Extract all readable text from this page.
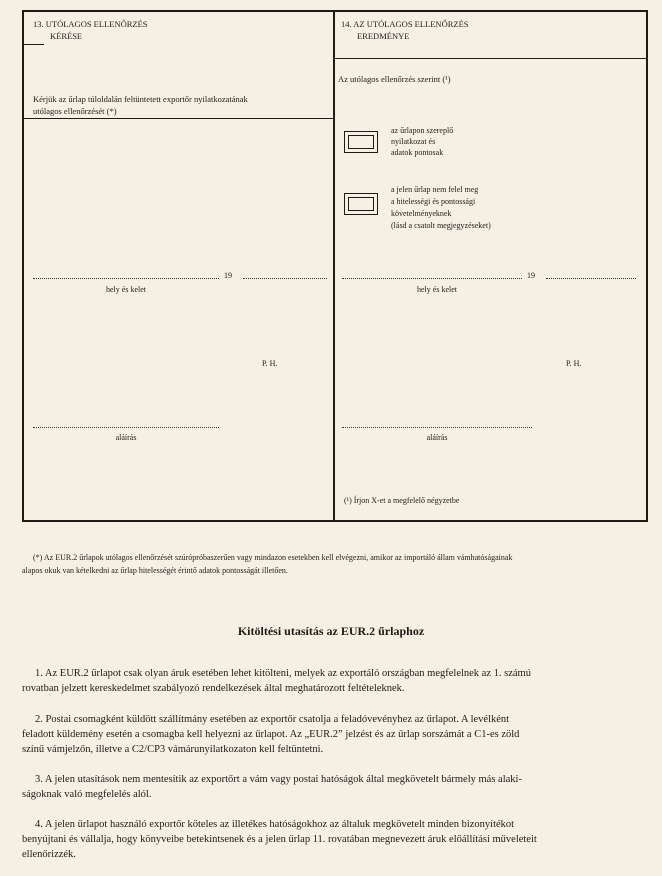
13. UTÓLAGOS ELLENŐRZÉS
KÉRÉSE
Kérjük az űrlap túloldalán feltüntetett exportőr nyilatkozatának
utólagos ellenőrzését (*)
19
hely és kelet
P. H.
aláírás
14. AZ UTÓLAGOS ELLENŐRZÉS
EREDMÉNYE
Az utólagos ellenőrzés szerint (¹)
az űrlapon szereplő
nyilatkozat és
adatok pontosak
a jelen űrlap nem felel meg
a hitelességi és pontossági
követelményeknek
(lásd a csatolt megjegyzéseket)
19
hely és kelet
P. H.
aláírás
(¹) Írjon X-et a megfelelő négyzetbe
(*) Az EUR.2 űrlapok utólagos ellenőrzését szúrópróbaszerűen vagy mindazon esetekben kell elvégezni, amikor az importáló állam vámhatóságainak
alapos okuk van kételkedni az űrlap hitelességét érintő adatok pontosságát illetően.
Kitöltési utasítás az EUR.2 űrlaphoz
1. Az EUR.2 űrlapot csak olyan áruk esetében lehet kitölteni, melyek az exportáló országban megfelelnek az 1. számú
rovatban jelzett kereskedelmet szabályozó rendelkezések által meghatározott feltételeknek.
2. Postai csomagként küldött szállítmány esetében az exportőr csatolja a feladóvevényhez az űrlapot. A levélként
feladott küldemény esetén a csomagba kell helyezni az űrlapot. Az „EUR.2” jelzést és az űrlap sorszámát a C1-es zöld
színű vámjelzőn, illetve a C2/CP3 vámárunyilatkozaton kell feltüntetni.
3. A jelen utasítások nem mentesítik az exportőrt a vám vagy postai hatóságok által megkövetelt bármely más alaki-
ságoknak való megfelelés alól.
4. A jelen űrlapot használó exportőr köteles az illetékes hatóságokhoz az általuk megkövetelt minden bizonyítékot
benyújtani és vállalja, hogy könyveibe betekintsenek és a jelen űrlap 11. rovatában megnevezett áruk előállítási műveleteit
ellenőrizzék.
